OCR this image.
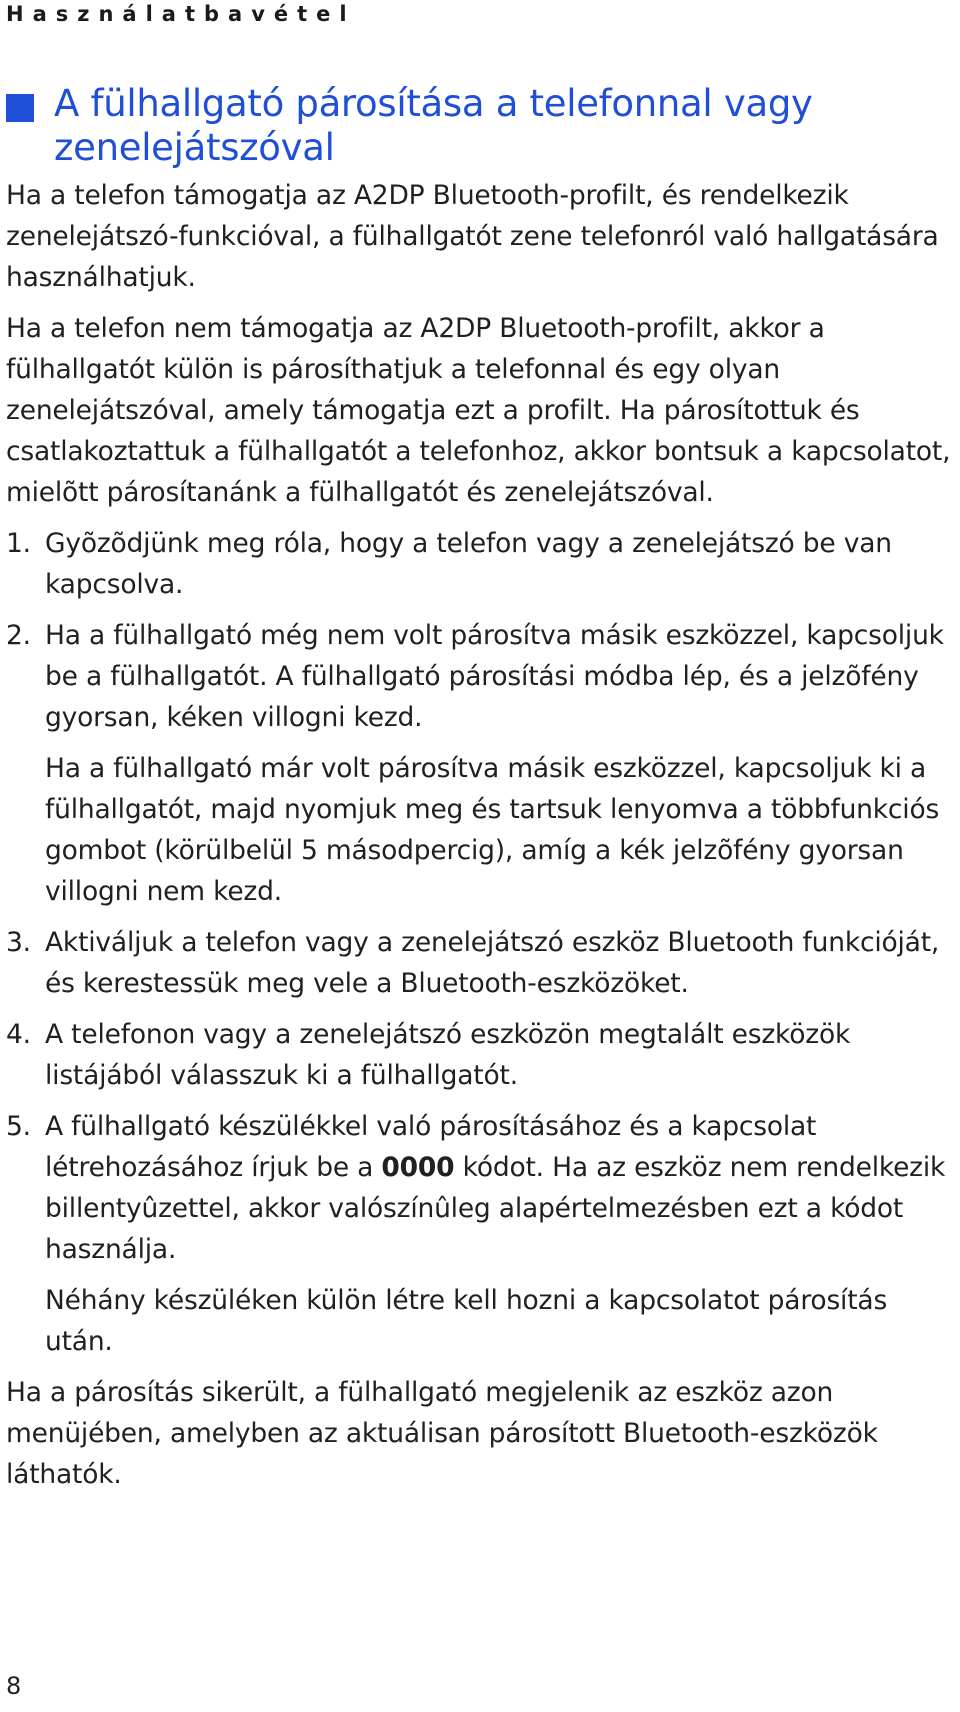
Használatbavétel
A fülhallgató párosítása a telefonnal vagy zenelejátszóval

Ha a telefon támogatja az A2DP Bluetooth-profilt, és rendelkezik zenelejátszó-funkcióval, a fülhallgatót zene telefonról való hallgatására használhatjuk.

Ha a telefon nem támogatja az A2DP Bluetooth-profilt, akkor a fülhallgatót külön is párosíthatjuk a telefonnal és egy olyan zenelejátszóval, amely támogatja ezt a profilt. Ha párosítottuk és csatlakoztattuk a fülhallgatót a telefonhoz, akkor bontsuk a kapcsolatot, mielõtt párosítanánk a fülhallgatót és zenelejátszóval.

1. Gyõzõdjünk meg róla, hogy a telefon vagy a zenelejátszó be van kapcsolva.

2. Ha a fülhallgató még nem volt párosítva másik eszközzel, kapcsoljuk be a fülhallgatót. A fülhallgató párosítási módba lép, és a jelzõfény gyorsan, kéken villogni kezd.

Ha a fülhallgató már volt párosítva másik eszközzel, kapcsoljuk ki a fülhallgatót, majd nyomjuk meg és tartsuk lenyomva a többfunkciós gombot (körülbelül 5 másodpercig), amíg a kék jelzõfény gyorsan villogni nem kezd.

3. Aktiváljuk a telefon vagy a zenelejátszó eszköz Bluetooth funkcióját, és kerestessük meg vele a Bluetooth-eszközöket.

4. A telefonon vagy a zenelejátszó eszközön megtalált eszközök listájából válasszuk ki a fülhallgatót.

5. A fülhallgató készülékkel való párosításához és a kapcsolat létrehozásához írjuk be a 0000 kódot. Ha az eszköz nem rendelkezik billentyûzettel, akkor valószínûleg alapértelmezésben ezt a kódot használja.

Néhány készüléken külön létre kell hozni a kapcsolatot párosítás után.

Ha a párosítás sikerült, a fülhallgató megjelenik az eszköz azon menüjében, amelyben az aktuálisan párosított Bluetooth-eszközök láthatók.

8
